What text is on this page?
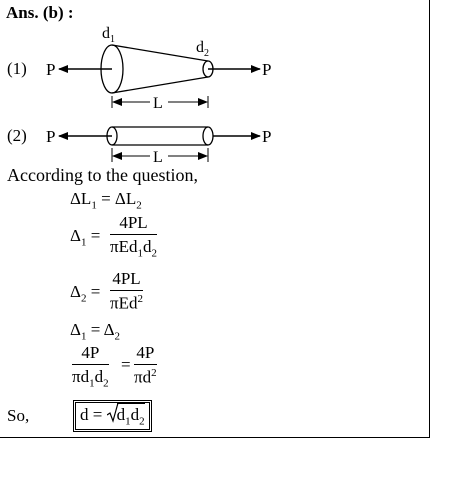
Ans. (b) :
(1)
$d_1$	$d_2$
P	P
L
(2) P	P
L
According to the question,
$\Delta L_1 = \Delta L_2$
$\Delta_1$ =
4PL
$\pi Ed_1d_2$
$\Delta_2$ =
4PL
πEd$^2$
$\Delta_1 = \Delta_2$
$\frac{4P}{\pi d_1d_2} = \frac{4P}{\pi d^2}$
So,	$d = d_1d_2$
